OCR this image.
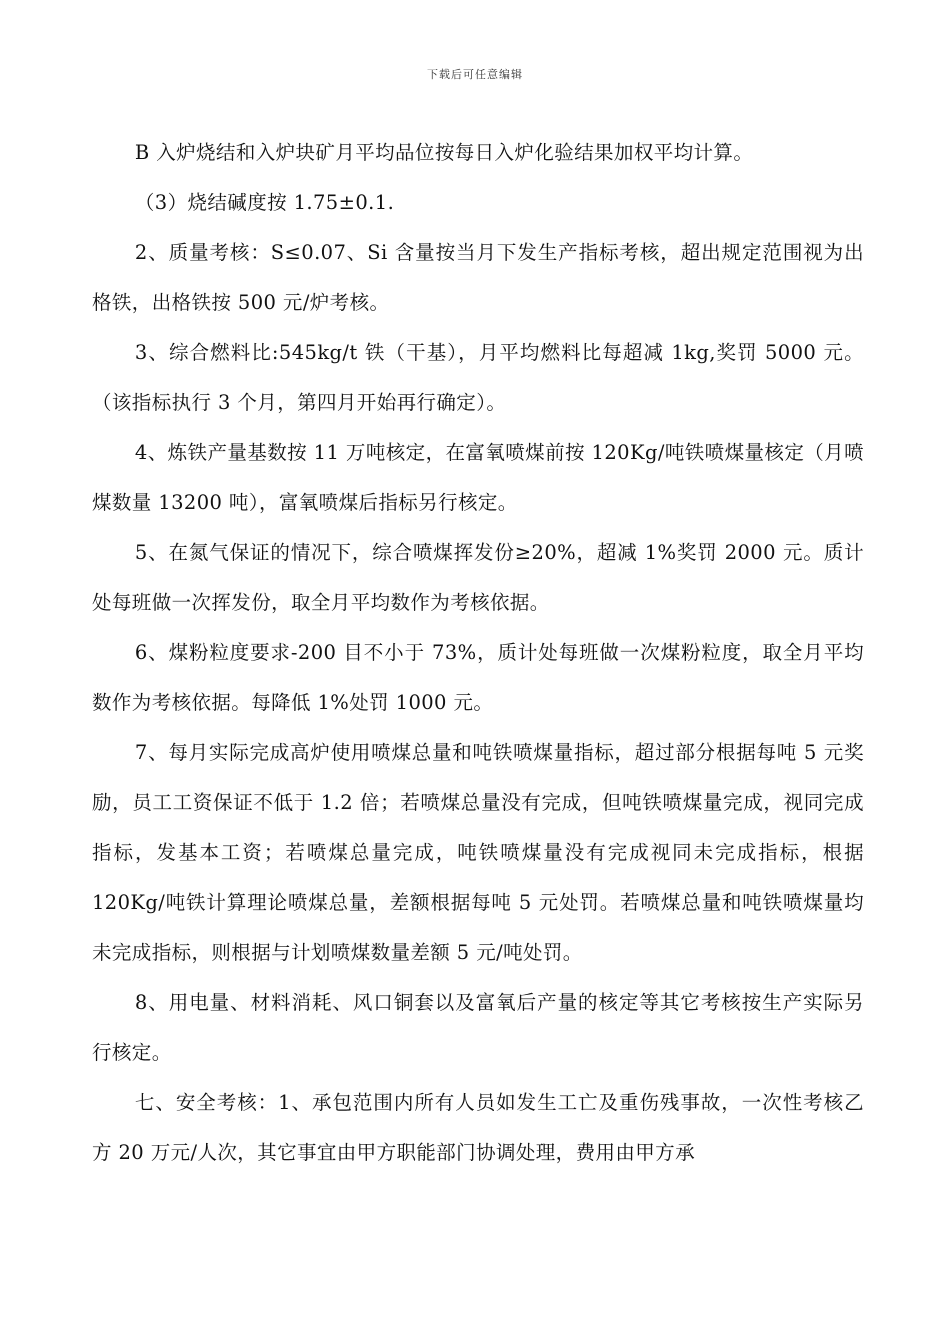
下载后可任意编辑

B 入炉烧结和入炉块矿月平均品位按每日入炉化验结果加权平均计算。

（3）烧结碱度按 1.75±0.1.

2、质量考核：S≤0.07、Si 含量按当月下发生产指标考核，超出规定范围视为出格铁，出格铁按 500 元/炉考核。

3、综合燃料比:545kg/t 铁（干基），月平均燃料比每超减 1kg,奖罚 5000 元。（该指标执行 3 个月，第四月开始再行确定）。

4、炼铁产量基数按 11 万吨核定，在富氧喷煤前按 120Kg/吨铁喷煤量核定（月喷煤数量 13200 吨），富氧喷煤后指标另行核定。

5、在氮气保证的情况下，综合喷煤挥发份≥20%，超减 1%奖罚 2000 元。质计处每班做一次挥发份，取全月平均数作为考核依据。

6、煤粉粒度要求-200 目不小于 73%，质计处每班做一次煤粉粒度，取全月平均数作为考核依据。每降低 1%处罚 1000 元。

7、每月实际完成高炉使用喷煤总量和吨铁喷煤量指标，超过部分根据每吨 5 元奖励，员工工资保证不低于 1.2 倍；若喷煤总量没有完成，但吨铁喷煤量完成，视同完成指标，发基本工资；若喷煤总量完成，吨铁喷煤量没有完成视同未完成指标，根据 120Kg/吨铁计算理论喷煤总量，差额根据每吨 5 元处罚。若喷煤总量和吨铁喷煤量均未完成指标，则根据与计划喷煤数量差额 5 元/吨处罚。

8、用电量、材料消耗、风口铜套以及富氧后产量的核定等其它考核按生产实际另行核定。

七、安全考核：1、承包范围内所有人员如发生工亡及重伤残事故，一次性考核乙方 20 万元/人次，其它事宜由甲方职能部门协调处理，费用由甲方承
